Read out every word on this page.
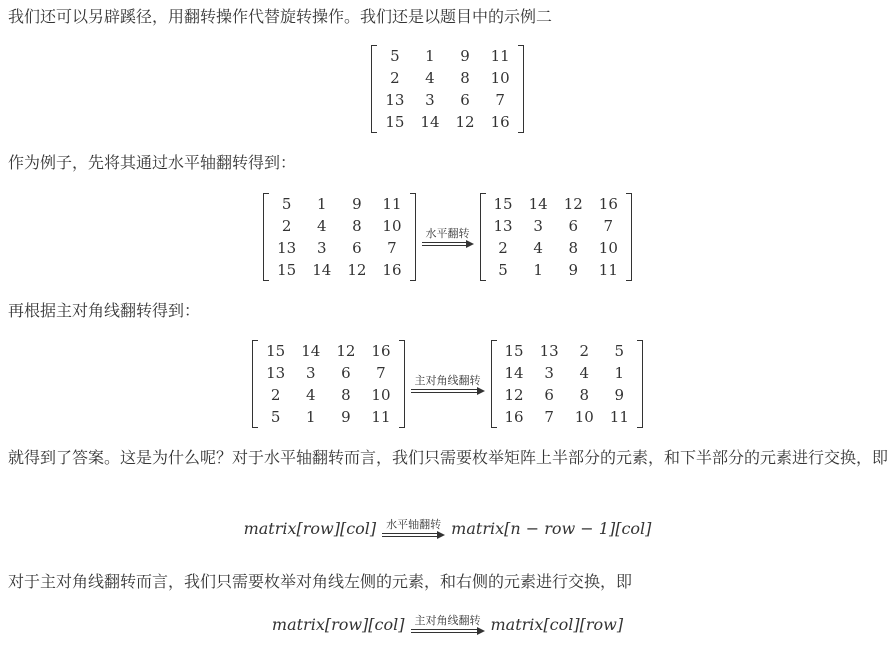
我们还可以另辟蹊径，用翻转操作代替旋转操作。我们还是以题目中的示例二
5	1	9	11
2	4	8	10
13	3	6	7
15	14	12	16
作为例子，先将其通过水平轴翻转得到：
5	1	9	11
2	4	8	10
13	3	6	7
15	14	12	16
水平翻转
15	14	12	16
13	3	6	7
2	4	8	10
5	1	9	11
再根据主对角线翻转得到：
15	14	12	16
13	3	6	7
2	4	8	10
5	1	9	11
主对角线翻转
15	13	2	5
14	3	4	1
12	6	8	9
16	7	10	11
就得到了答案。这是为什么呢？对于水平轴翻转而言，我们只需要枚举矩阵上半部分的元素，和下半部分的元素进行交换，即
matrix[row][col] 水平轴翻转 matrix[n − row − 1][col]
对于主对角线翻转而言，我们只需要枚举对角线左侧的元素，和右侧的元素进行交换，即
matrix[row][col] 主对角线翻转 matrix[col][row]
